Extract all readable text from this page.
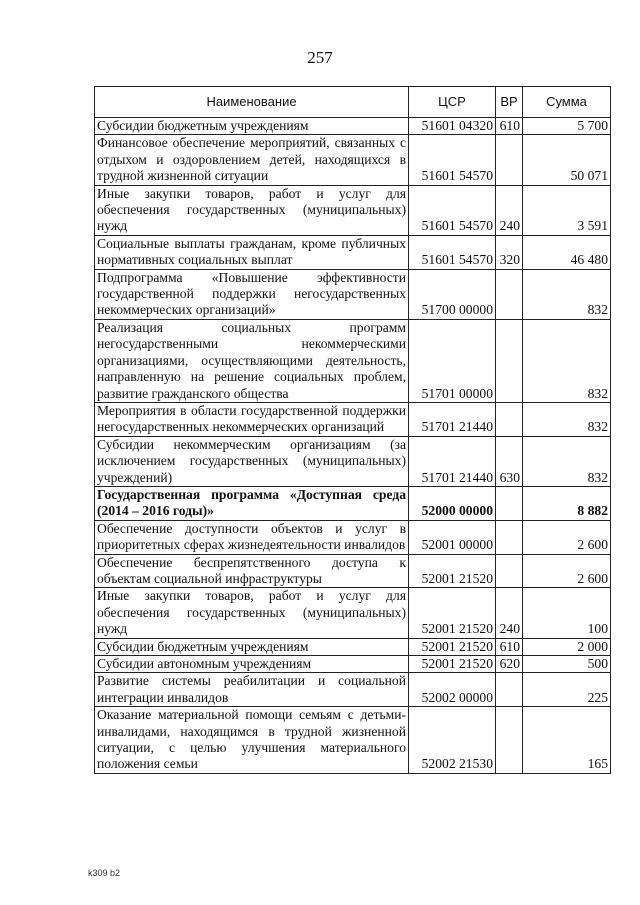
257
Наименование	ЦСР	ВР	Сумма
Субсидии бюджетным учреждениям	51601 04320	610	5 700
Финансовое обеспечение мероприятий, связанных с отдыхом и оздоровлением детей, находящихся в трудной жизненной ситуации	51601 54570		50 071
Иные закупки товаров, работ и услуг для обеспечения государственных (муниципальных) нужд	51601 54570	240	3 591
Социальные выплаты гражданам, кроме публичных нормативных социальных выплат	51601 54570	320	46 480
Подпрограмма «Повышение эффективности государственной поддержки негосударственных некоммерческих организаций»	51700 00000		832
Реализация социальных программ негосударственными некоммерческими организациями, осуществляющими деятельность, направленную на решение социальных проблем, развитие гражданского общества	51701 00000		832
Мероприятия в области государственной поддержки негосударственных некоммерческих организаций	51701 21440		832
Субсидии некоммерческим организациям (за исключением государственных (муниципальных) учреждений)	51701 21440	630	832
Государственная программа «Доступная среда (2014 – 2016 годы)»	52000 00000		8 882
Обеспечение доступности объектов и услуг в приоритетных сферах жизнедеятельности инвалидов	52001 00000		2 600
Обеспечение беспрепятственного доступа к объектам социальной инфраструктуры	52001 21520		2 600
Иные закупки товаров, работ и услуг для обеспечения государственных (муниципальных) нужд	52001 21520	240	100
Субсидии бюджетным учреждениям	52001 21520	610	2 000
Субсидии автономным учреждениям	52001 21520	620	500
Развитие системы реабилитации и социальной интеграции инвалидов	52002 00000		225
Оказание материальной помощи семьям с детьми-инвалидами, находящимся в трудной жизненной ситуации, с целью улучшения материального положения семьи	52002 21530		165
k309 b2
